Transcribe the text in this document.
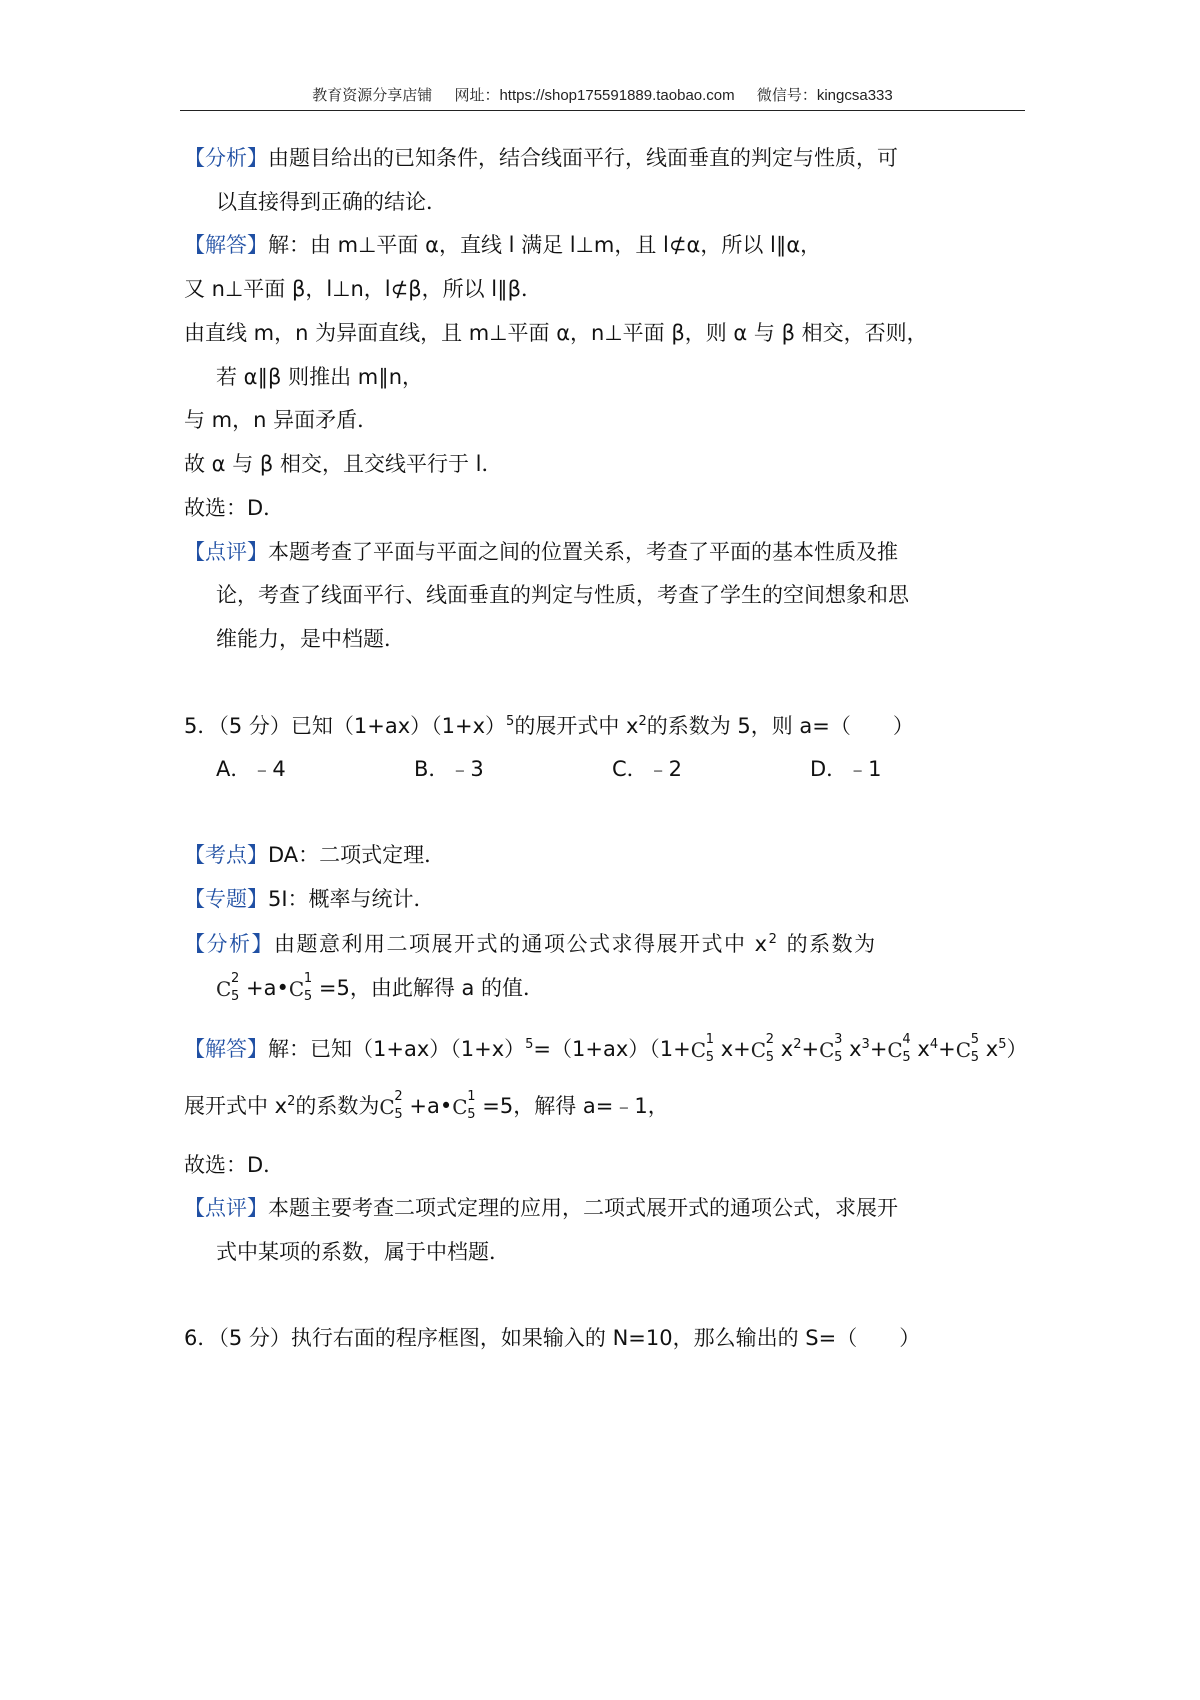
教育资源分享店铺 网址：https://shop175591889.taobao.com 微信号：kingcsa333
【分析】由题目给出的已知条件，结合线面平行，线面垂直的判定与性质，可
以直接得到正确的结论．
【解答】解：由 m⊥平面 α，直线 l 满足 l⊥m，且 l⊄α，所以 l∥α，
又 n⊥平面 β，l⊥n，l⊄β，所以 l∥β．
由直线 m，n 为异面直线，且 m⊥平面 α，n⊥平面 β，则 α 与 β 相交，否则，
若 α∥β 则推出 m∥n，
与 m，n 异面矛盾．
故 α 与 β 相交，且交线平行于 l．
故选：D．
【点评】本题考查了平面与平面之间的位置关系，考查了平面的基本性质及推
论，考查了线面平行、线面垂直的判定与性质，考查了学生的空间想象和思
维能力，是中档题．
5．（5 分）已知$(1+ax)(1+x)^5$的展开式中 $x^2$的系数为 5，则 a=（　　）
A．﹣4	B．﹣3	C．﹣2	D．﹣1
【考点】DA：二项式定理．
【专题】5I：概率与统计．
【分析】由题意利用二项展开式的通项公式求得展开式中 $x^2$ 的系数为
C 2
5 +a• C 1
5 =5，由此解得 a 的值．
【解答】解：已知$(1+ax)(1+x)^5=(1+ax)(1+ C$ 1
5 x+ C 2
5 $x^2+ C$ 3
5 $x^3+ C$ 4
5 $x^4+ C$ 5
5 $x^5$）
展开式中 $x^2$的系数为 C 2
5 +a• C 1
5 =5，解得 a=﹣1，
故选：D．
【点评】本题主要考查二项式定理的应用，二项式展开式的通项公式，求展开
式中某项的系数，属于中档题．
6．（5 分）执行右面的程序框图，如果输入的 N=10，那么输出的 S=（　　）
